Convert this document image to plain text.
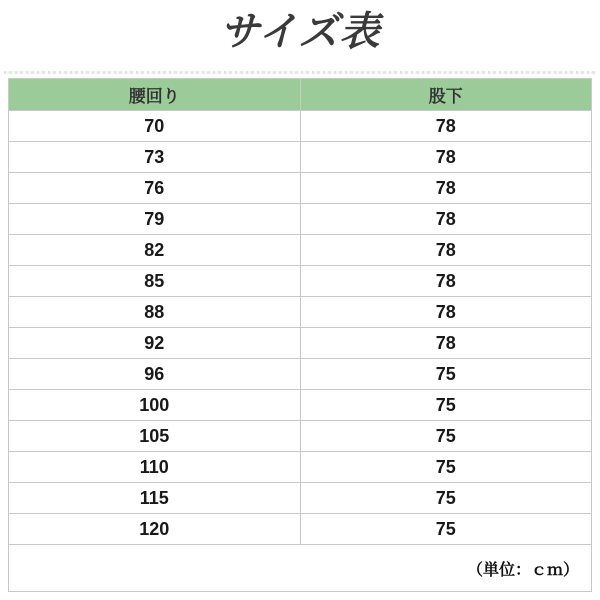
サイズ表
腰回り	股下
70	78
73	78
76	78
79	78
82	78
85	78
88	78
92	78
96	75
100	75
105	75
110	75
115	75
120	75
（単位：ｃｍ）	
